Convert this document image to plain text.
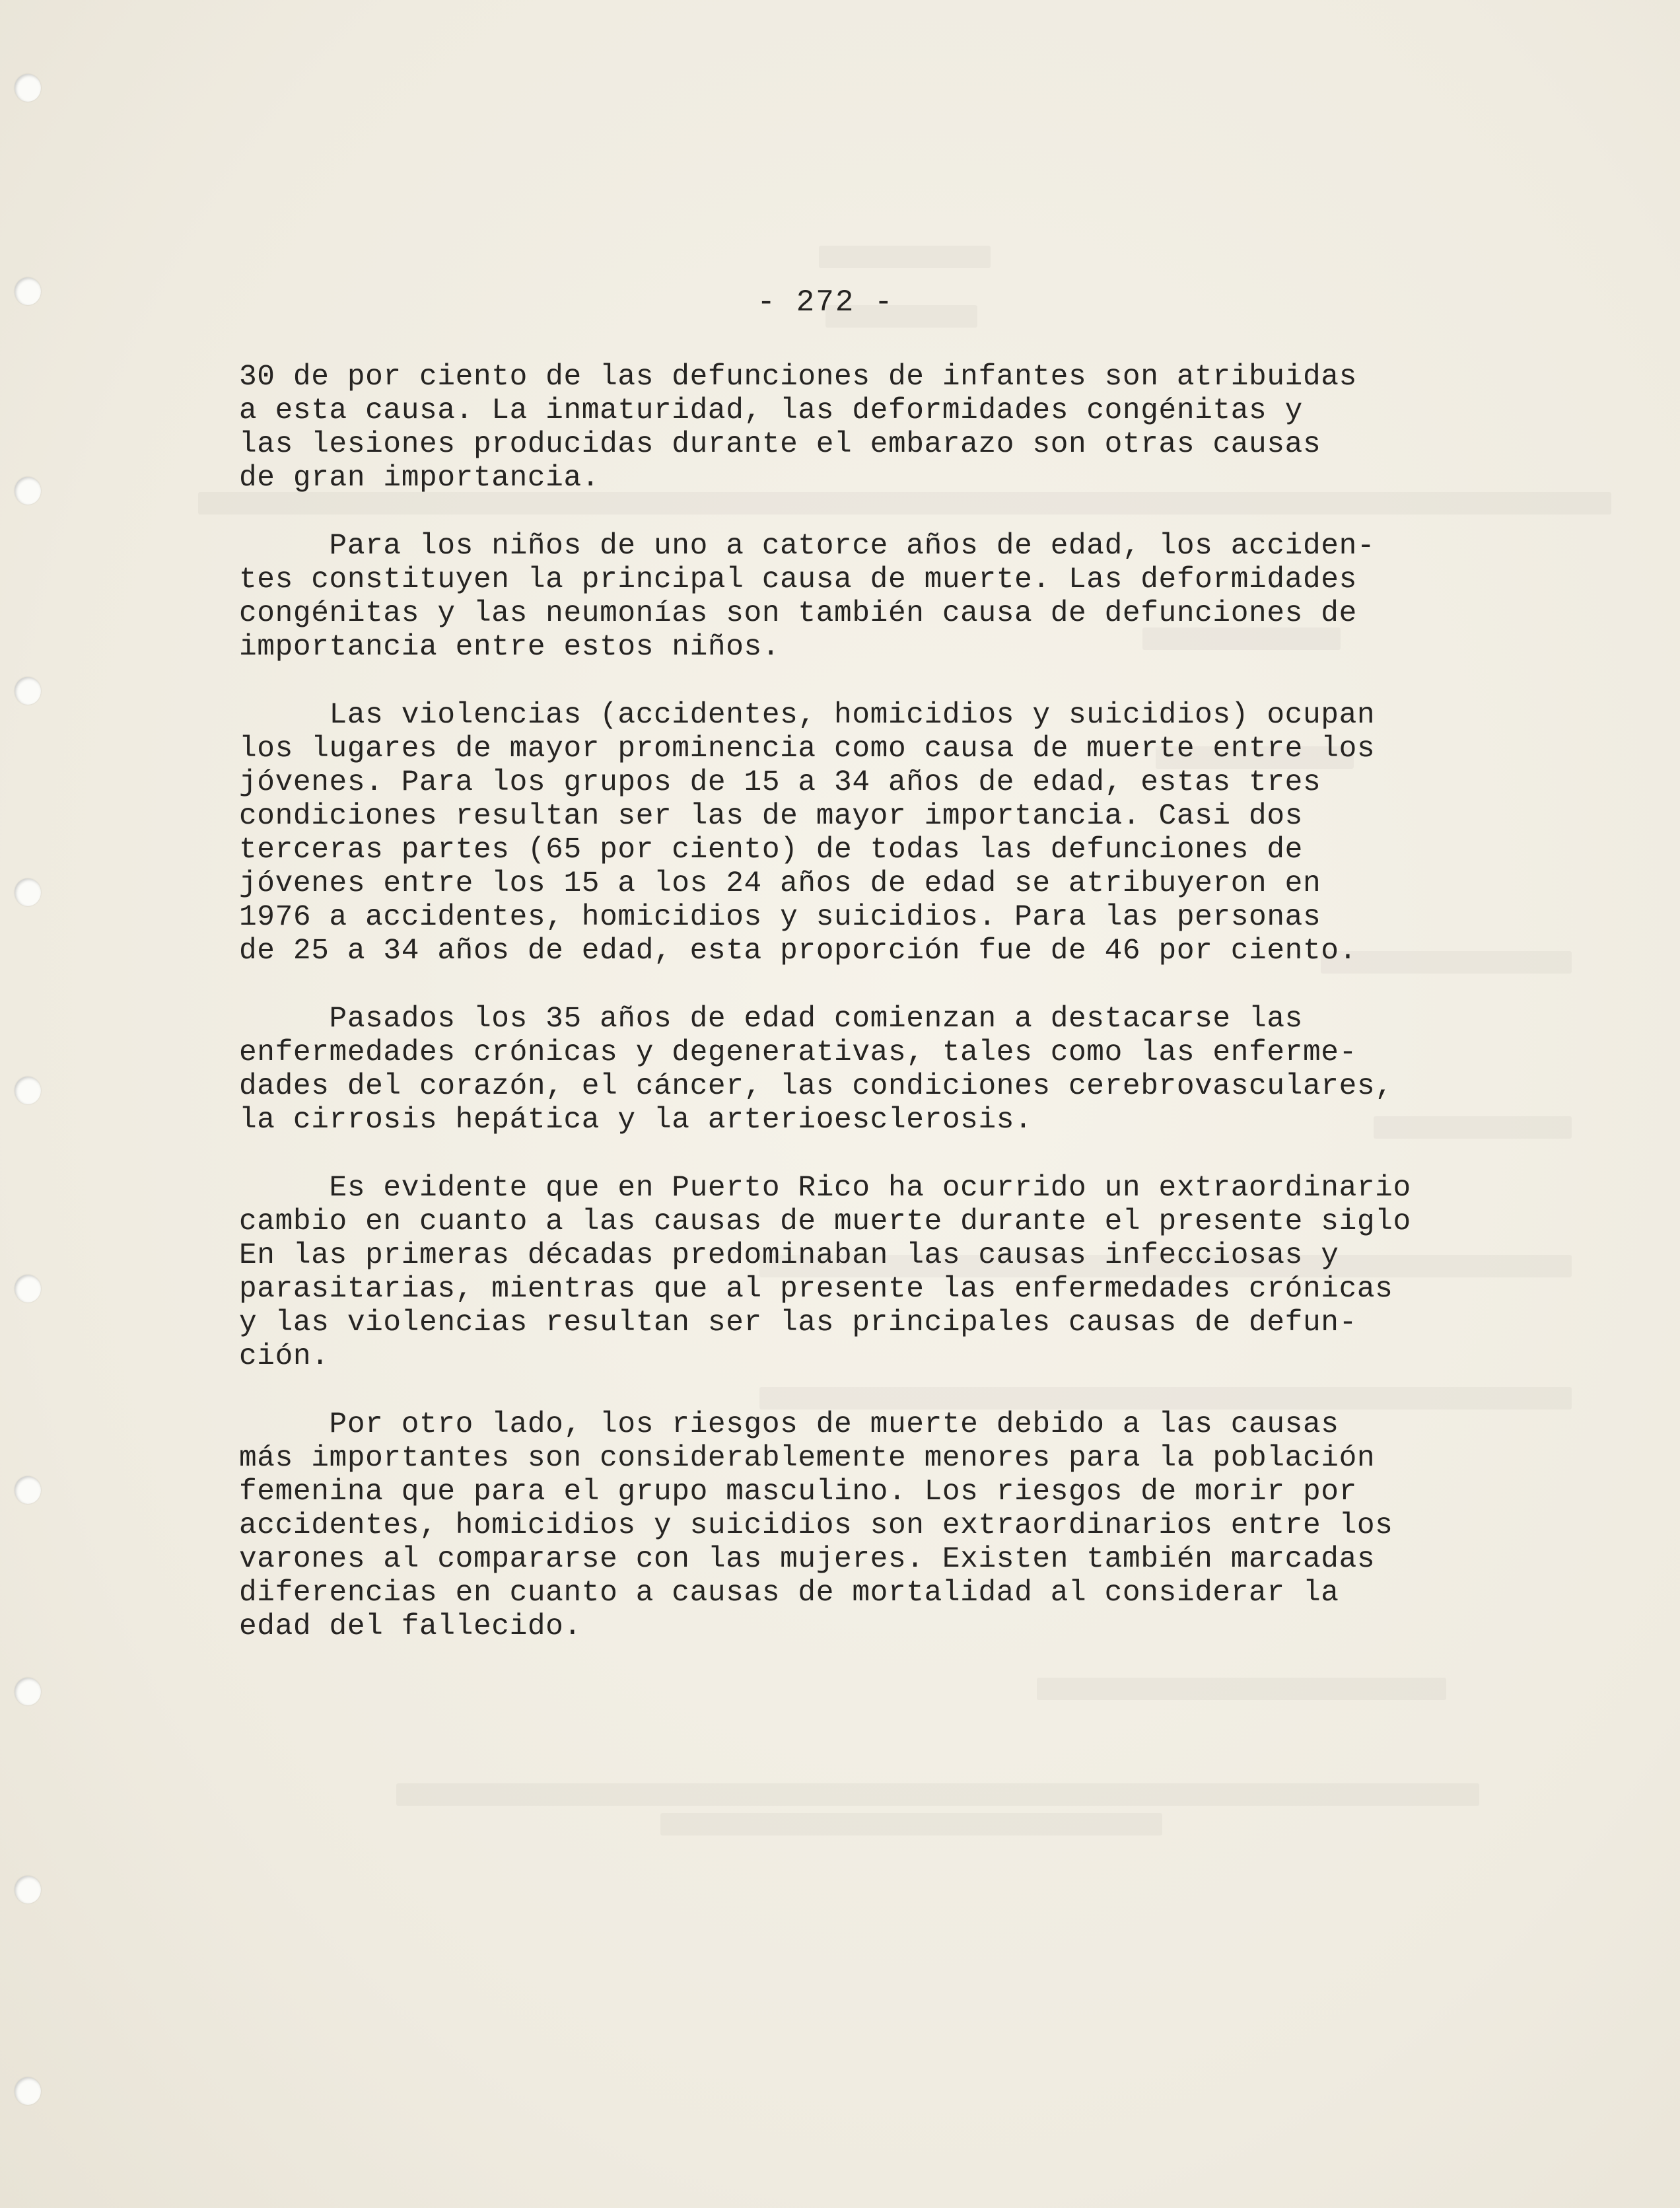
- 272 -

30 de por ciento de las defunciones de infantes son atribuidas
a esta causa. La inmaturidad, las deformidades congénitas y
las lesiones producidas durante el embarazo son otras causas
de gran importancia.

Para los niños de uno a catorce años de edad, los acciden-
tes constituyen la principal causa de muerte. Las deformidades
congénitas y las neumonías son también causa de defunciones de
importancia entre estos niños.

Las violencias (accidentes, homicidios y suicidios) ocupan
los lugares de mayor prominencia como causa de muerte entre los
jóvenes. Para los grupos de 15 a 34 años de edad, estas tres
condiciones resultan ser las de mayor importancia. Casi dos
terceras partes (65 por ciento) de todas las defunciones de
jóvenes entre los 15 a los 24 años de edad se atribuyeron en
1976 a accidentes, homicidios y suicidios. Para las personas
de 25 a 34 años de edad, esta proporción fue de 46 por ciento.

Pasados los 35 años de edad comienzan a destacarse las
enfermedades crónicas y degenerativas, tales como las enferme-
dades del corazón, el cáncer, las condiciones cerebrovasculares,
la cirrosis hepática y la arterioesclerosis.

Es evidente que en Puerto Rico ha ocurrido un extraordinario
cambio en cuanto a las causas de muerte durante el presente siglo
En las primeras décadas predominaban las causas infecciosas y
parasitarias, mientras que al presente las enfermedades crónicas
y las violencias resultan ser las principales causas de defun-
ción.

Por otro lado, los riesgos de muerte debido a las causas
más importantes son considerablemente menores para la población
femenina que para el grupo masculino. Los riesgos de morir por
accidentes, homicidios y suicidios son extraordinarios entre los
varones al compararse con las mujeres. Existen también marcadas
diferencias en cuanto a causas de mortalidad al considerar la
edad del fallecido.
